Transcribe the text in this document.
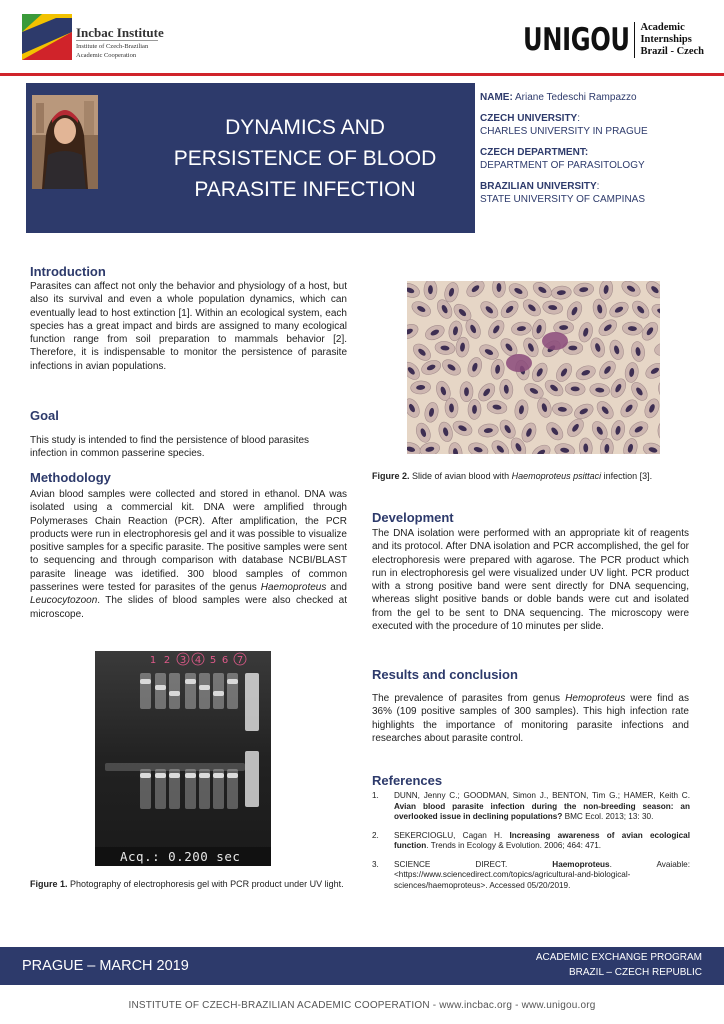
Incbac Institute
Institute of Czech-Brazilian
Academic Cooperation	UNIGOU Academic
Internships
Brazil - Czech
DYNAMICS AND
PERSISTENCE OF BLOOD
PARASITE INFECTION
NAME: Ariane Tedeschi Rampazzo
CZECH UNIVERSITY:
CHARLES UNIVERSITY IN PRAGUE
CZECH DEPARTMENT:
DEPARTMENT OF PARASITOLOGY
BRAZILIAN UNIVERSITY:
STATE UNIVERSITY OF CAMPINAS
Introduction
Parasites can affect not only the behavior and physiology of a host, but also its survival and even a whole population dynamics, which can eventually lead to host extinction [1]. Within an ecological system, each species has a great impact and birds are assigned to many ecological function range from soil preparation to mammals behavior [2]. Therefore, it is indispensable to monitor the persistence of parasite infections in avian populations.
Goal
This study is intended to find the persistence of blood parasites infection in common passerine species.
Methodology
Avian blood samples were collected and stored in ethanol. DNA was isolated using a commercial kit. DNA were amplified through Polymerases Chain Reaction (PCR). After amplification, the PCR products were run in electrophoresis gel and it was possible to visualize positive samples for a specific parasite. The positive samples were sent to sequencing and through comparison with database NCBI/BLAST parasite lineage was idetified. 300 blood samples of common passerines were tested for parasites of the genus Haemoproteus and Leucocytozoon. The slides of blood samples were also checked at microscope.
1 2 3 4 5 6 7
Acq.: 0.200 sec
Figure 1. Photography of electrophoresis gel with PCR product under UV light.
Figure 2. Slide of avian blood with Haemoproteus psittaci infection [3].
Development
The DNA isolation were performed with an appropriate kit of reagents and its protocol. After DNA isolation and PCR accomplished, the gel for electrophoresis were prepared with agarose. The PCR product which run in electrophoresis gel were visualized under UV light. PCR product with a strong positive band were sent directly for DNA sequencing, whereas slight positive bands or doble bands were cut and isolated from the gel to be sent to DNA sequencing. The microscopy were executed with the procedure of 10 minutes per slide.
Results and conclusion
The prevalence of parasites from genus Hemoproteus were find as 36% (109 positive samples of 300 samples). This high infection rate highlights the importance of monitoring parasite infections and researches about parasite control.
References
1. DUNN, Jenny C.; GOODMAN, Simon J., BENTON, Tim G.; HAMER, Keith C. Avian blood parasite infection during the non-breeding season: an overlooked issue in declining populations? BMC Ecol. 2013; 13: 30.
2. SEKERCIOGLU, Cagan H. Increasing awareness of avian ecological function. Trends in Ecology & Evolution. 2006; 464: 471.
3. SCIENCE DIRECT. Haemoproteus. Avaiable: <https://www.sciencedirect.com/topics/agricultural-and-biological-sciences/haemoproteus>. Accessed 05/20/2019.
PRAGUE – MARCH 2019
ACADEMIC EXCHANGE PROGRAM
BRAZIL – CZECH REPUBLIC
INSTITUTE OF CZECH-BRAZILIAN ACADEMIC COOPERATION - www.incbac.org - www.unigou.org
